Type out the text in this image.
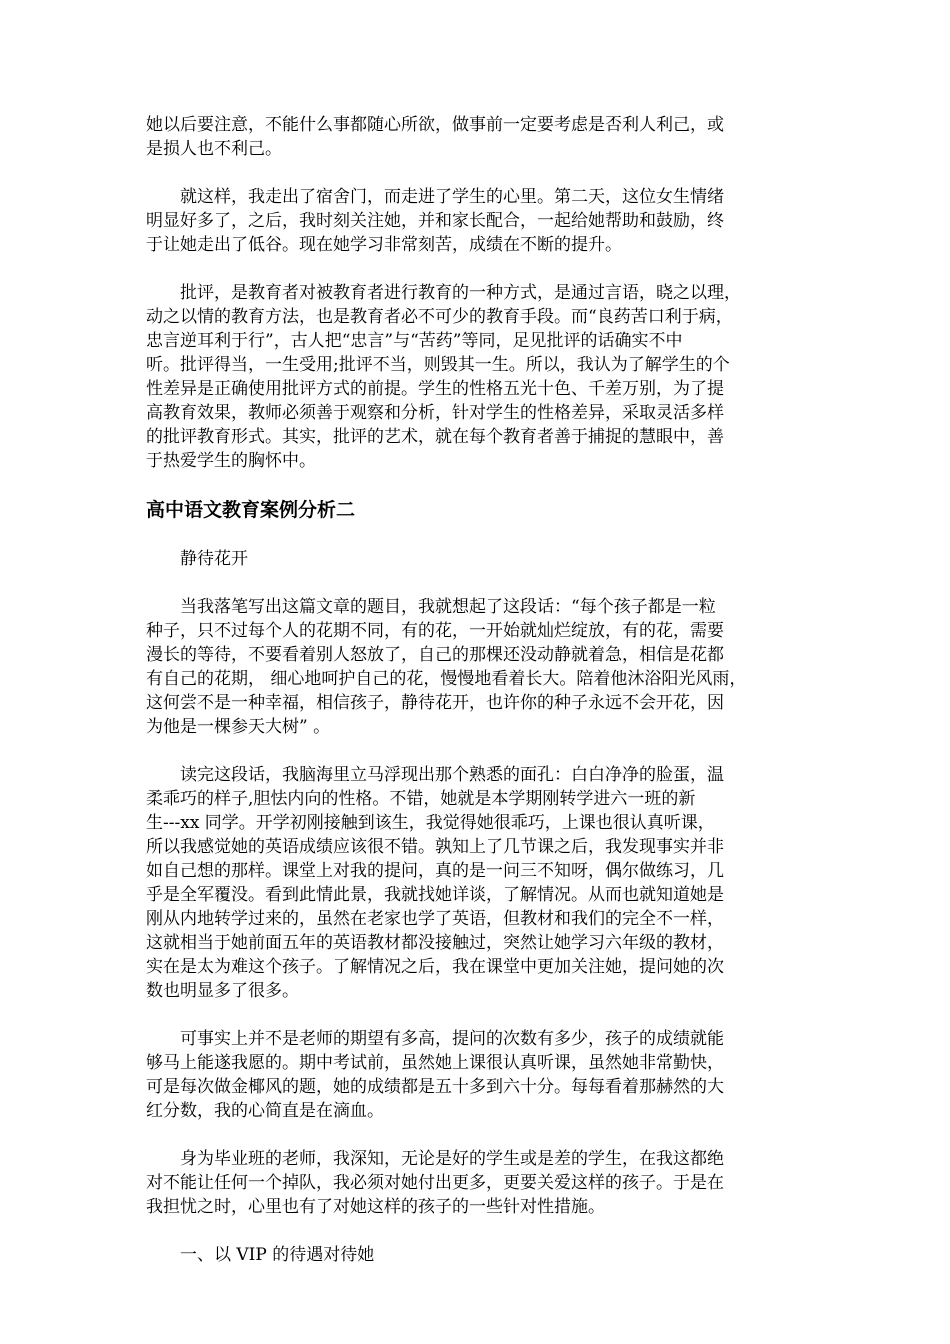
她以后要注意，不能什么事都随心所欲，做事前一定要考虑是否利人利己，或
是损人也不利己。

就这样，我走出了宿舍门，而走进了学生的心里。第二天，这位女生情绪
明显好多了，之后，我时刻关注她，并和家长配合，一起给她帮助和鼓励，终
于让她走出了低谷。现在她学习非常刻苦，成绩在不断的提升。

批评，是教育者对被教育者进行教育的一种方式，是通过言语，晓之以理，
动之以情的教育方法，也是教育者必不可少的教育手段。而“良药苦口利于病，
忠言逆耳利于行”，古人把“忠言”与“苦药”等同，足见批评的话确实不中
听。批评得当，一生受用;批评不当，则毁其一生。所以，我认为了解学生的个
性差异是正确使用批评方式的前提。学生的性格五光十色、千差万别，为了提
高教育效果，教师必须善于观察和分析，针对学生的性格差异，采取灵活多样
的批评教育形式。其实，批评的艺术，就在每个教育者善于捕捉的慧眼中，善
于热爱学生的胸怀中。

高中语文教育案例分析二

静待花开

当我落笔写出这篇文章的题目，我就想起了这段话：“每个孩子都是一粒
种子，只不过每个人的花期不同，有的花，一开始就灿烂绽放，有的花，需要
漫长的等待，不要看着别人怒放了，自己的那棵还没动静就着急，相信是花都
有自己的花期， 细心地呵护自己的花，慢慢地看着长大。陪着他沐浴阳光风雨，
这何尝不是一种幸福，相信孩子，静待花开，也许你的种子永远不会开花，因
为他是一棵参天大树” 。

读完这段话，我脑海里立马浮现出那个熟悉的面孔：白白净净的脸蛋，温
柔乖巧的样子,胆怯内向的性格。不错，她就是本学期刚转学进六一班的新
生---xx 同学。开学初刚接触到该生，我觉得她很乖巧，上课也很认真听课，
所以我感觉她的英语成绩应该很不错。孰知上了几节课之后，我发现事实并非
如自己想的那样。课堂上对我的提问，真的是一问三不知呀，偶尔做练习，几
乎是全军覆没。看到此情此景，我就找她详谈，了解情况。从而也就知道她是
刚从内地转学过来的，虽然在老家也学了英语，但教材和我们的完全不一样，
这就相当于她前面五年的英语教材都没接触过，突然让她学习六年级的教材，
实在是太为难这个孩子。了解情况之后，我在课堂中更加关注她，提问她的次
数也明显多了很多。

可事实上并不是老师的期望有多高，提问的次数有多少，孩子的成绩就能
够马上能遂我愿的。期中考试前，虽然她上课很认真听课，虽然她非常勤快，
可是每次做金椰风的题，她的成绩都是五十多到六十分。每每看着那赫然的大
红分数，我的心简直是在滴血。

身为毕业班的老师，我深知，无论是好的学生或是差的学生，在我这都绝
对不能让任何一个掉队，我必须对她付出更多，更要关爱这样的孩子。于是在
我担忧之时，心里也有了对她这样的孩子的一些针对性措施。

一、以 VIP 的待遇对待她
